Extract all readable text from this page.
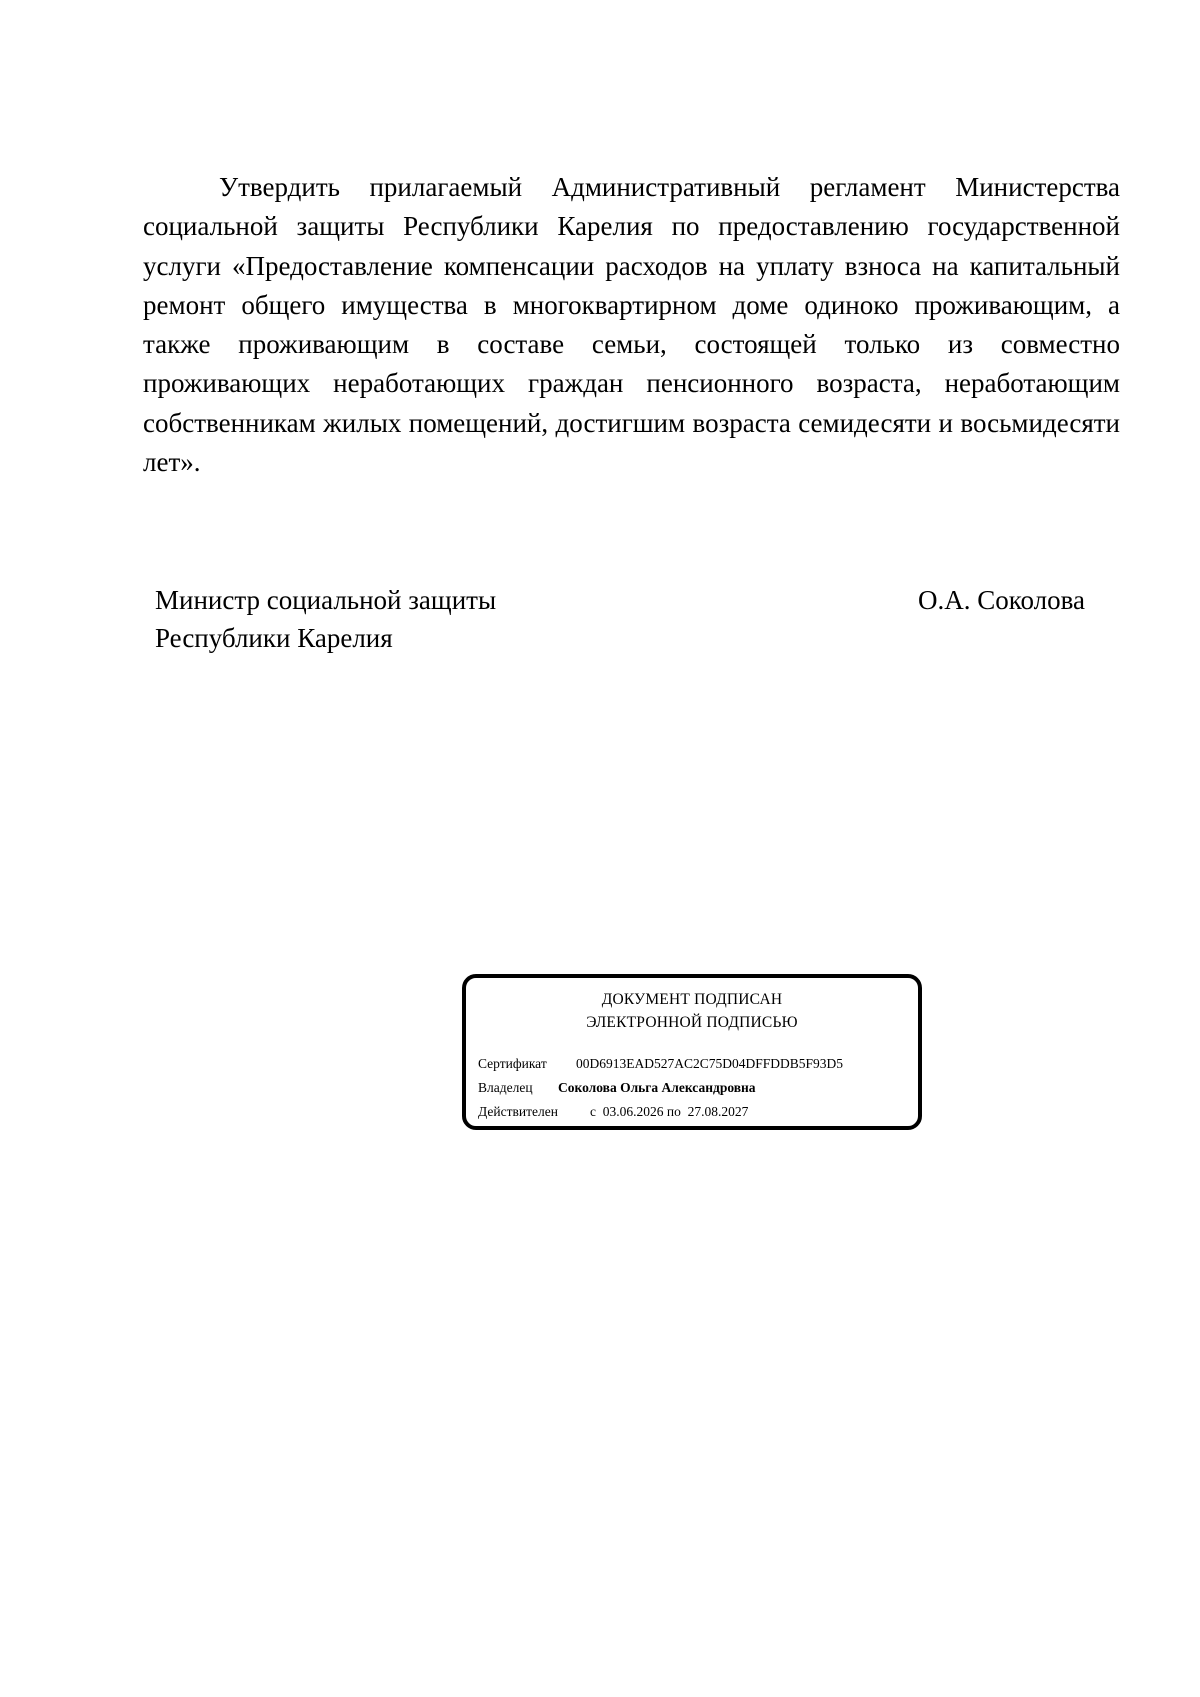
Утвердить прилагаемый Административный регламент Министерства социальной защиты Республики Карелия по предоставлению государственной услуги «Предоставление компенсации расходов на уплату взноса на капитальный ремонт общего имущества в многоквартирном доме одиноко проживающим, а также проживающим в составе семьи, состоящей только из совместно проживающих неработающих граждан пенсионного возраста, неработающим собственникам жилых помещений, достигшим возраста семидесяти и восьмидесяти лет».
Министр социальной защиты
Республики Карелия
О.А. Соколова
ДОКУМЕНТ ПОДПИСАН
ЭЛЕКТРОННОЙ ПОДПИСЬЮ
Сертификат 00D6913EAD527AC2C75D04DFFDDB5F93D5
Владелец Соколова Ольга Александровна
Действителен с  03.06.2026 по  27.08.2027
